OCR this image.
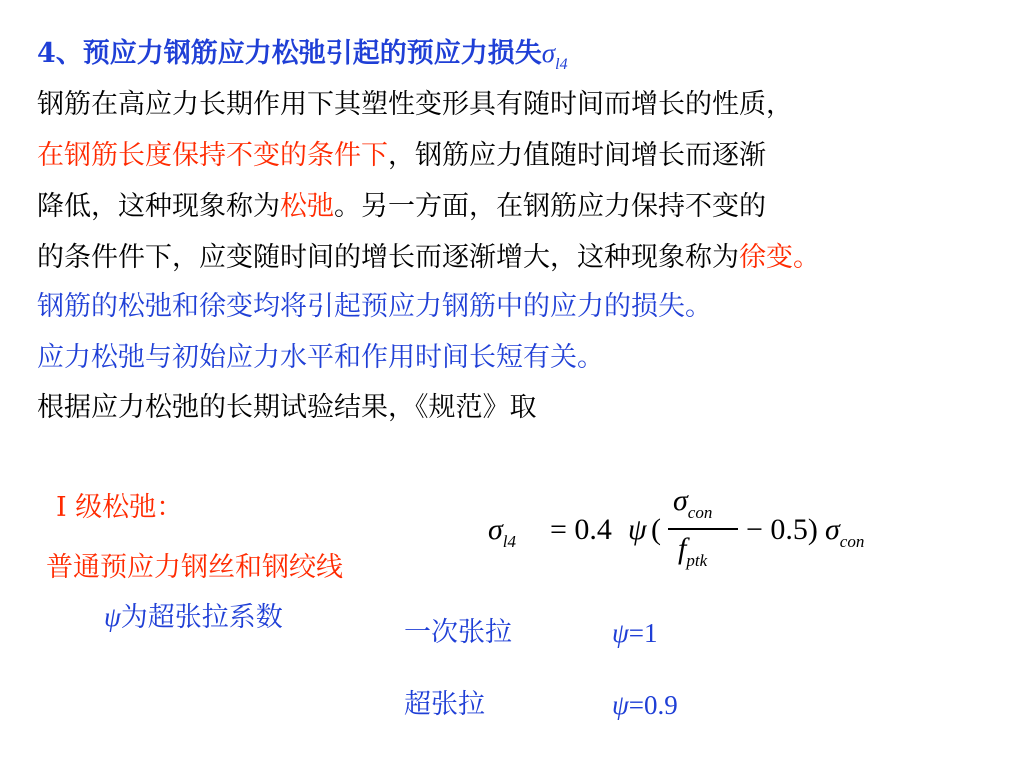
4、预应力钢筋应力松弛引起的预应力损失$\sigma_{l4}$
钢筋在高应力长期作用下其塑性变形具有随时间而增长的性质，
在钢筋长度保持不变的条件下，钢筋应力值随时间增长而逐渐
降低，这种现象称为松弛。另一方面，在钢筋应力保持不变的
的条件件下，应变随时间的增长而逐渐增大，这种现象称为徐变。
钢筋的松弛和徐变均将引起预应力钢筋中的应力的损失。
应力松弛与初始应力水平和作用时间长短有关。
根据应力松弛的长期试验结果，《规范》取
Ⅰ 级松弛：
普通预应力钢丝和钢绞线
ψ为超张拉系数
$\sigma_{l4} = 0.4$ ψ (
$\sigma_{con}$
$f_{ptk}$
− 0.5) $\sigma_{con}$
一次张拉	ψ=1
超张拉	ψ=0.9
